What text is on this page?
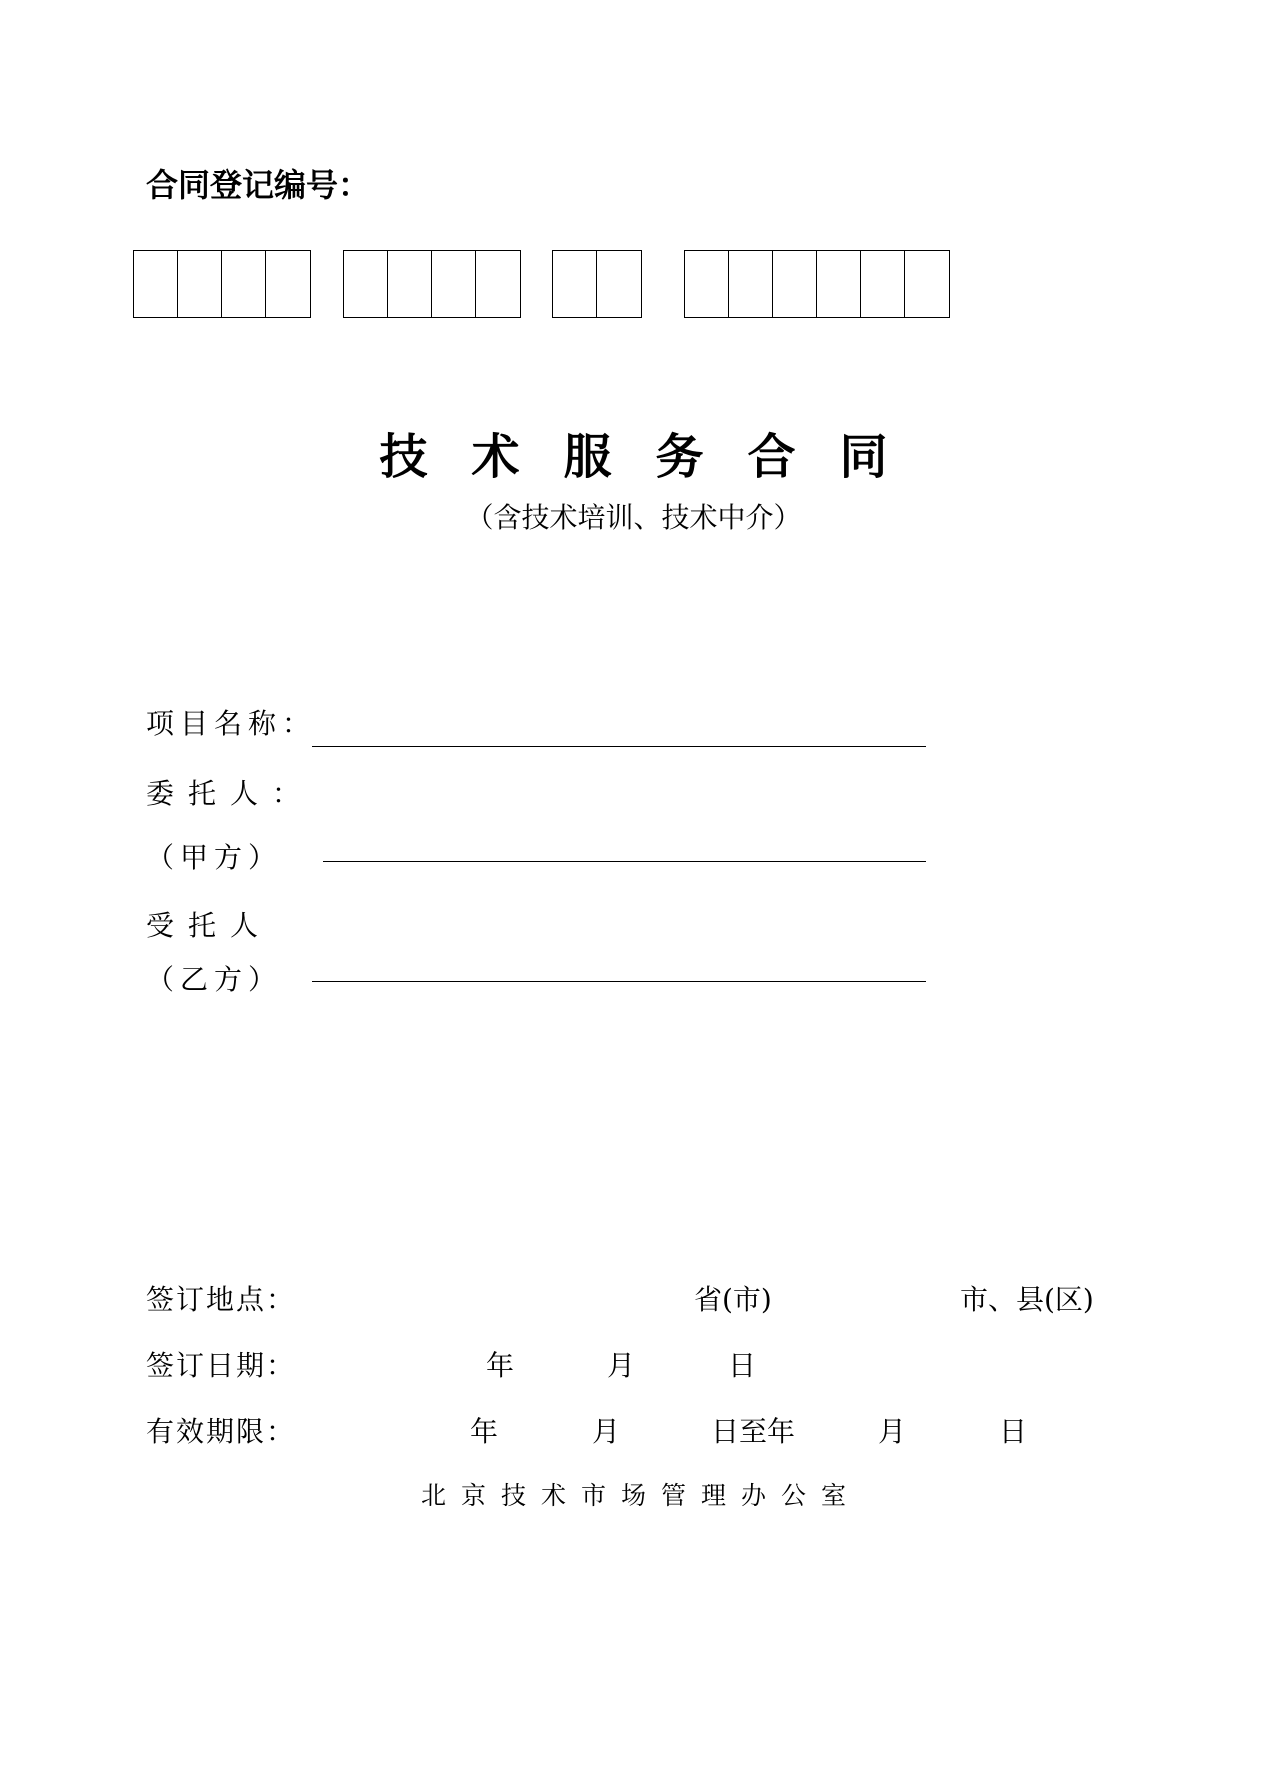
合同登记编号：
技术服务合同
（含技术培训、技术中介）
项目名称：
委托人：
（甲方）
受托人
（乙方）
签订地点：	省(市)	市、县(区)
签订日期：	年	月	日
有效期限：	年	月	日至年	月	日
北京技术市场管理办公室
